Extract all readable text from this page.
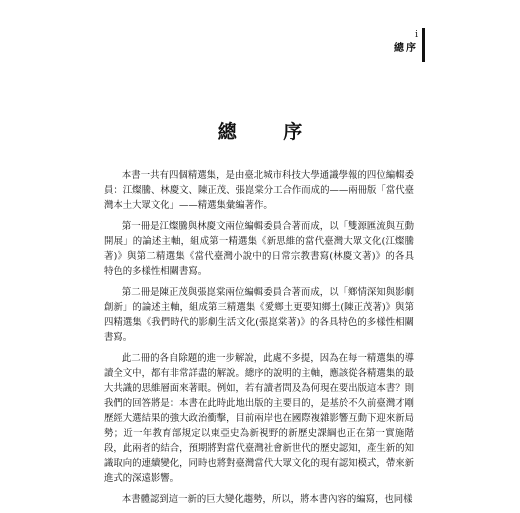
i
總序
總 序

本書一共有四個精選集，是由臺北城市科技大學通識學報的四位編輯委員：江燦騰、林慶文、陳正茂、張崑棠分工合作而成的——兩冊版「當代臺灣本土大眾文化」——精選集彙編著作。

第一冊是江燦騰與林慶文兩位編輯委員合著而成，以「雙源匯流與互動開展」的論述主軸，組成第一精選集《新思維的當代臺灣大眾文化(江燦騰著)》與第二精選集《當代臺灣小說中的日常宗教書寫(林慶文著)》的各具特色的多樣性相關書寫。

第二冊是陳正茂與張崑棠兩位編輯委員合著而成，以「鄉情深知與影劇創新」的論述主軸，組成第三精選集《愛鄉土更要知鄉土(陳正茂著)》與第四精選集《我們時代的影劇生活文化(張崑棠著)》的各具特色的多樣性相關書寫。

此二冊的各自除題的進一步解說，此處不多提，因為在每一精選集的導讀全文中，都有非常詳盡的解說。總序的說明的主軸，應該從各精選集的最大共識的思維層面來著眼。例如，若有讀者問及為何現在要出版這本書？則我們的回答將是：本書在此時此地出版的主要目的，是基於不久前臺灣才剛歷經大選結果的強大政治衝擊，目前兩岸也在國際複雜影響互動下迎來新局勢；近一年教育部規定以東亞史為新視野的新歷史課綱也正在第一實施階段，此兩者的結合，預期將對當代臺灣社會新世代的歷史認知，產生新的知識取向的連續變化，同時也將對臺灣當代大眾文化的現有認知模式，帶來新進式的深遠影響。

本書體認到這一新的巨大變化趨勢，所以，將本書內容的編寫，也同樣
